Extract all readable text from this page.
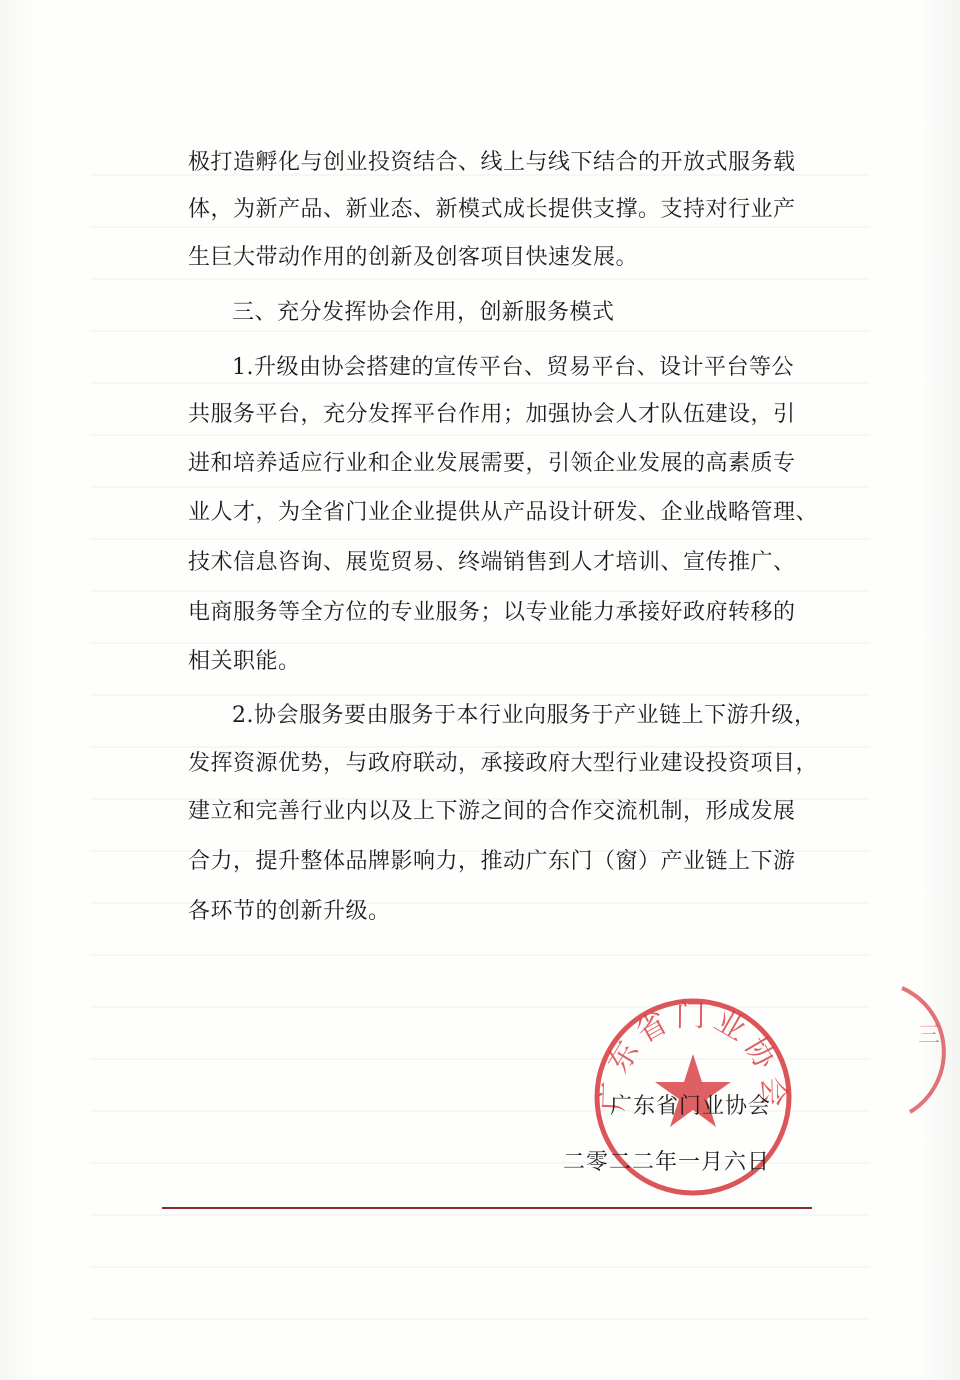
极打造孵化与创业投资结合、线上与线下结合的开放式服务载
体，为新产品、新业态、新模式成长提供支撑。支持对行业产
生巨大带动作用的创新及创客项目快速发展。
三、充分发挥协会作用，创新服务模式
1.升级由协会搭建的宣传平台、贸易平台、设计平台等公
共服务平台，充分发挥平台作用；加强协会人才队伍建设，引
进和培养适应行业和企业发展需要，引领企业发展的高素质专
业人才，为全省门业企业提供从产品设计研发、企业战略管理、
技术信息咨询、展览贸易、终端销售到人才培训、宣传推广、
电商服务等全方位的专业服务；以专业能力承接好政府转移的
相关职能。
2.协会服务要由服务于本行业向服务于产业链上下游升级，
发挥资源优势，与政府联动，承接政府大型行业建设投资项目，
建立和完善行业内以及上下游之间的合作交流机制，形成发展
合力，提升整体品牌影响力，推动广东门（窗）产业链上下游
各环节的创新升级。
广东省门业协会
三
广东省门业协会
二零二二年一月六日
